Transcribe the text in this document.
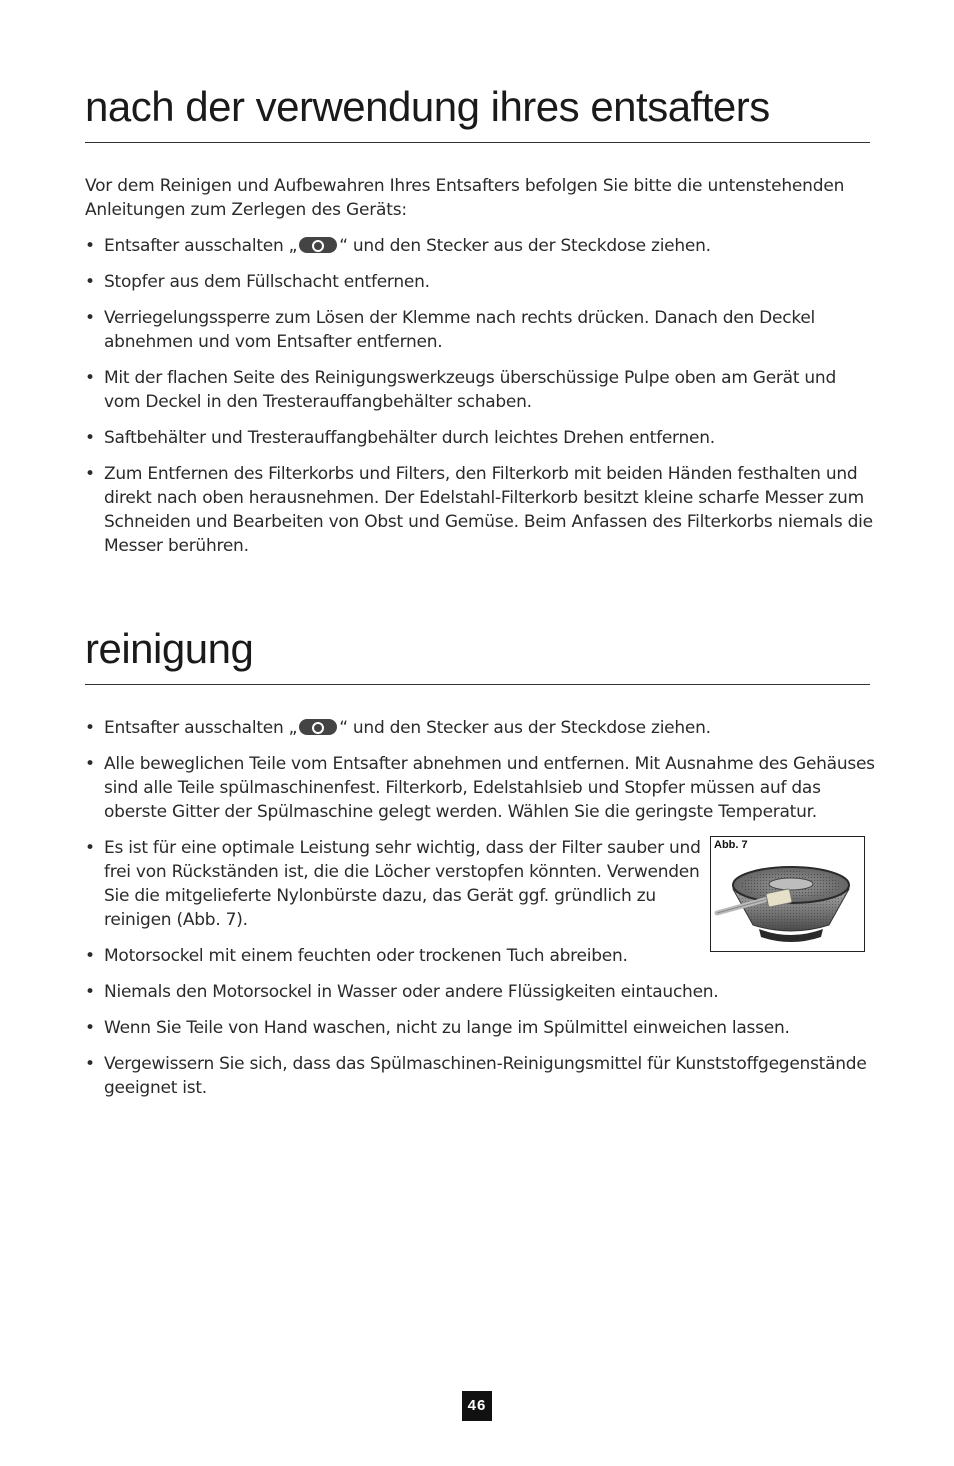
nach der verwendung ihres entsafters

Vor dem Reinigen und Aufbewahren Ihres Entsafters befolgen Sie bitte die untenstehenden Anleitungen zum Zerlegen des Geräts:

• Entsafter ausschalten „ “ und den Stecker aus der Steckdose ziehen.
• Stopfer aus dem Füllschacht entfernen.
• Verriegelungssperre zum Lösen der Klemme nach rechts drücken. Danach den Deckel abnehmen und vom Entsafter entfernen.
• Mit der flachen Seite des Reinigungswerkzeugs überschüssige Pulpe oben am Gerät und vom Deckel in den Tresterauffangbehälter schaben.
• Saftbehälter und Tresterauffangbehälter durch leichtes Drehen entfernen.
• Zum Entfernen des Filterkorbs und Filters, den Filterkorb mit beiden Händen festhalten und direkt nach oben herausnehmen. Der Edelstahl-Filterkorb besitzt kleine scharfe Messer zum Schneiden und Bearbeiten von Obst und Gemüse. Beim Anfassen des Filterkorbs niemals die Messer berühren.
reinigung
• Entsafter ausschalten „ “ und den Stecker aus der Steckdose ziehen.
• Alle beweglichen Teile vom Entsafter abnehmen und entfernen. Mit Ausnahme des Gehäuses sind alle Teile spülmaschinenfest. Filterkorb, Edelstahlsieb und Stopfer müssen auf das oberste Gitter der Spülmaschine gelegt werden. Wählen Sie die geringste Temperatur.
• Es ist für eine optimale Leistung sehr wichtig, dass der Filter sauber und frei von Rückständen ist, die die Löcher verstopfen könnten. Verwenden Sie die mitgelieferte Nylonbürste dazu, das Gerät ggf. gründlich zu reinigen (Abb. 7).
• Motorsockel mit einem feuchten oder trockenen Tuch abreiben.
• Niemals den Motorsockel in Wasser oder andere Flüssigkeiten eintauchen.
• Wenn Sie Teile von Hand waschen, nicht zu lange im Spülmittel einweichen lassen.
• Vergewissern Sie sich, dass das Spülmaschinen-Reinigungsmittel für Kunststoffgegenstände geeignet ist.
Abb. 7
46
